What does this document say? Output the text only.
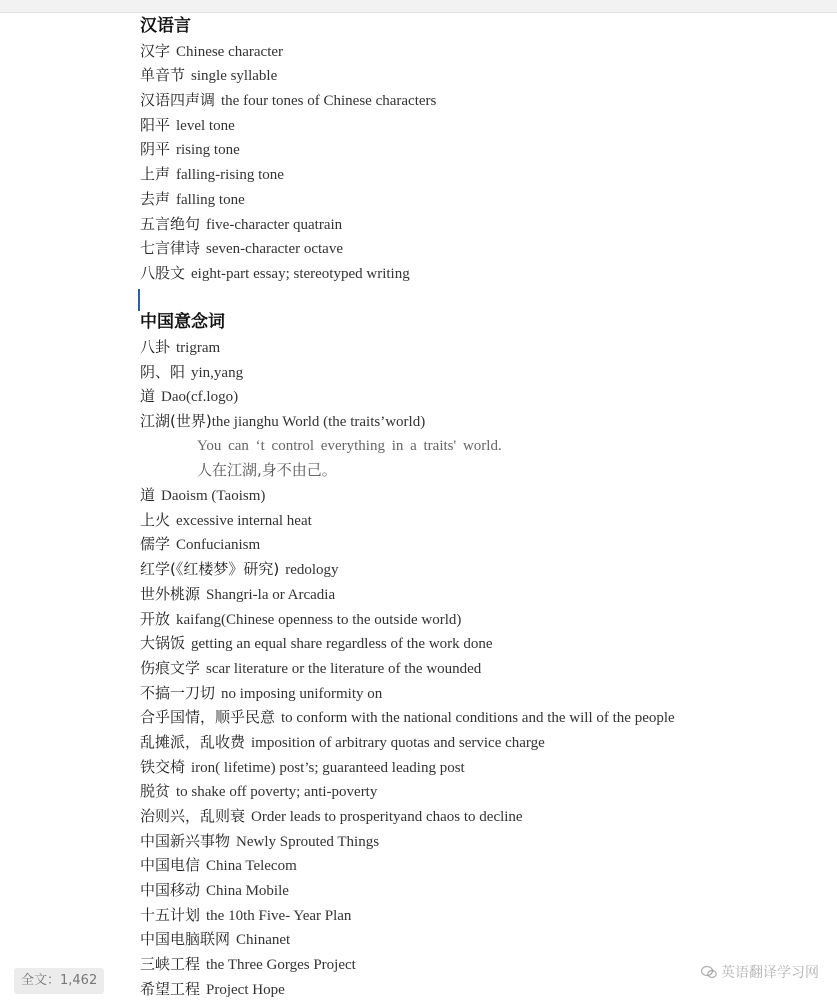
汉语言
汉字 Chinese character
单音节 single syllable
汉语四声调 the four tones of Chinese characters
阳平 level tone
阴平 rising tone
上声 falling-rising tone
去声 falling tone
五言绝句 five-character quatrain
七言律诗 seven-character octave
八股文 eight-part essay; stereotyped writing
中国意念词
八卦 trigram
阴、阳 yin,yang
道 Dao(cf.logo)
江湖(世界)the jianghu World (the traits’world)
You can ‘t control everything in a traits' world.
人在江湖,身不由己。
道 Daoism (Taoism)
上火 excessive internal heat
儒学 Confucianism
红学(《红楼梦》研究) redology
世外桃源 Shangri-la or Arcadia
开放 kaifang(Chinese openness to the outside world)
大锅饭 getting an equal share regardless of the work done
伤痕文学 scar literature or the literature of the wounded
不搞一刀切 no imposing uniformity on
合乎国情，顺乎民意 to conform with the national conditions and the will of the people
乱摊派，乱收费 imposition of arbitrary quotas and service charge
铁交椅 iron( lifetime) post’s; guaranteed leading post
脱贫 to shake off poverty; anti-poverty
治则兴，乱则衰 Order leads to prosperityand chaos to decline
中国新兴事物 Newly Sprouted Things
中国电信 China Telecom
中国移动 China Mobile
十五计划 the 10th Five- Year Plan
中国电脑联网 Chinanet
三峡工程 the Three Gorges Project
希望工程 Project Hope
全文：1,462	英语翻译学习网
